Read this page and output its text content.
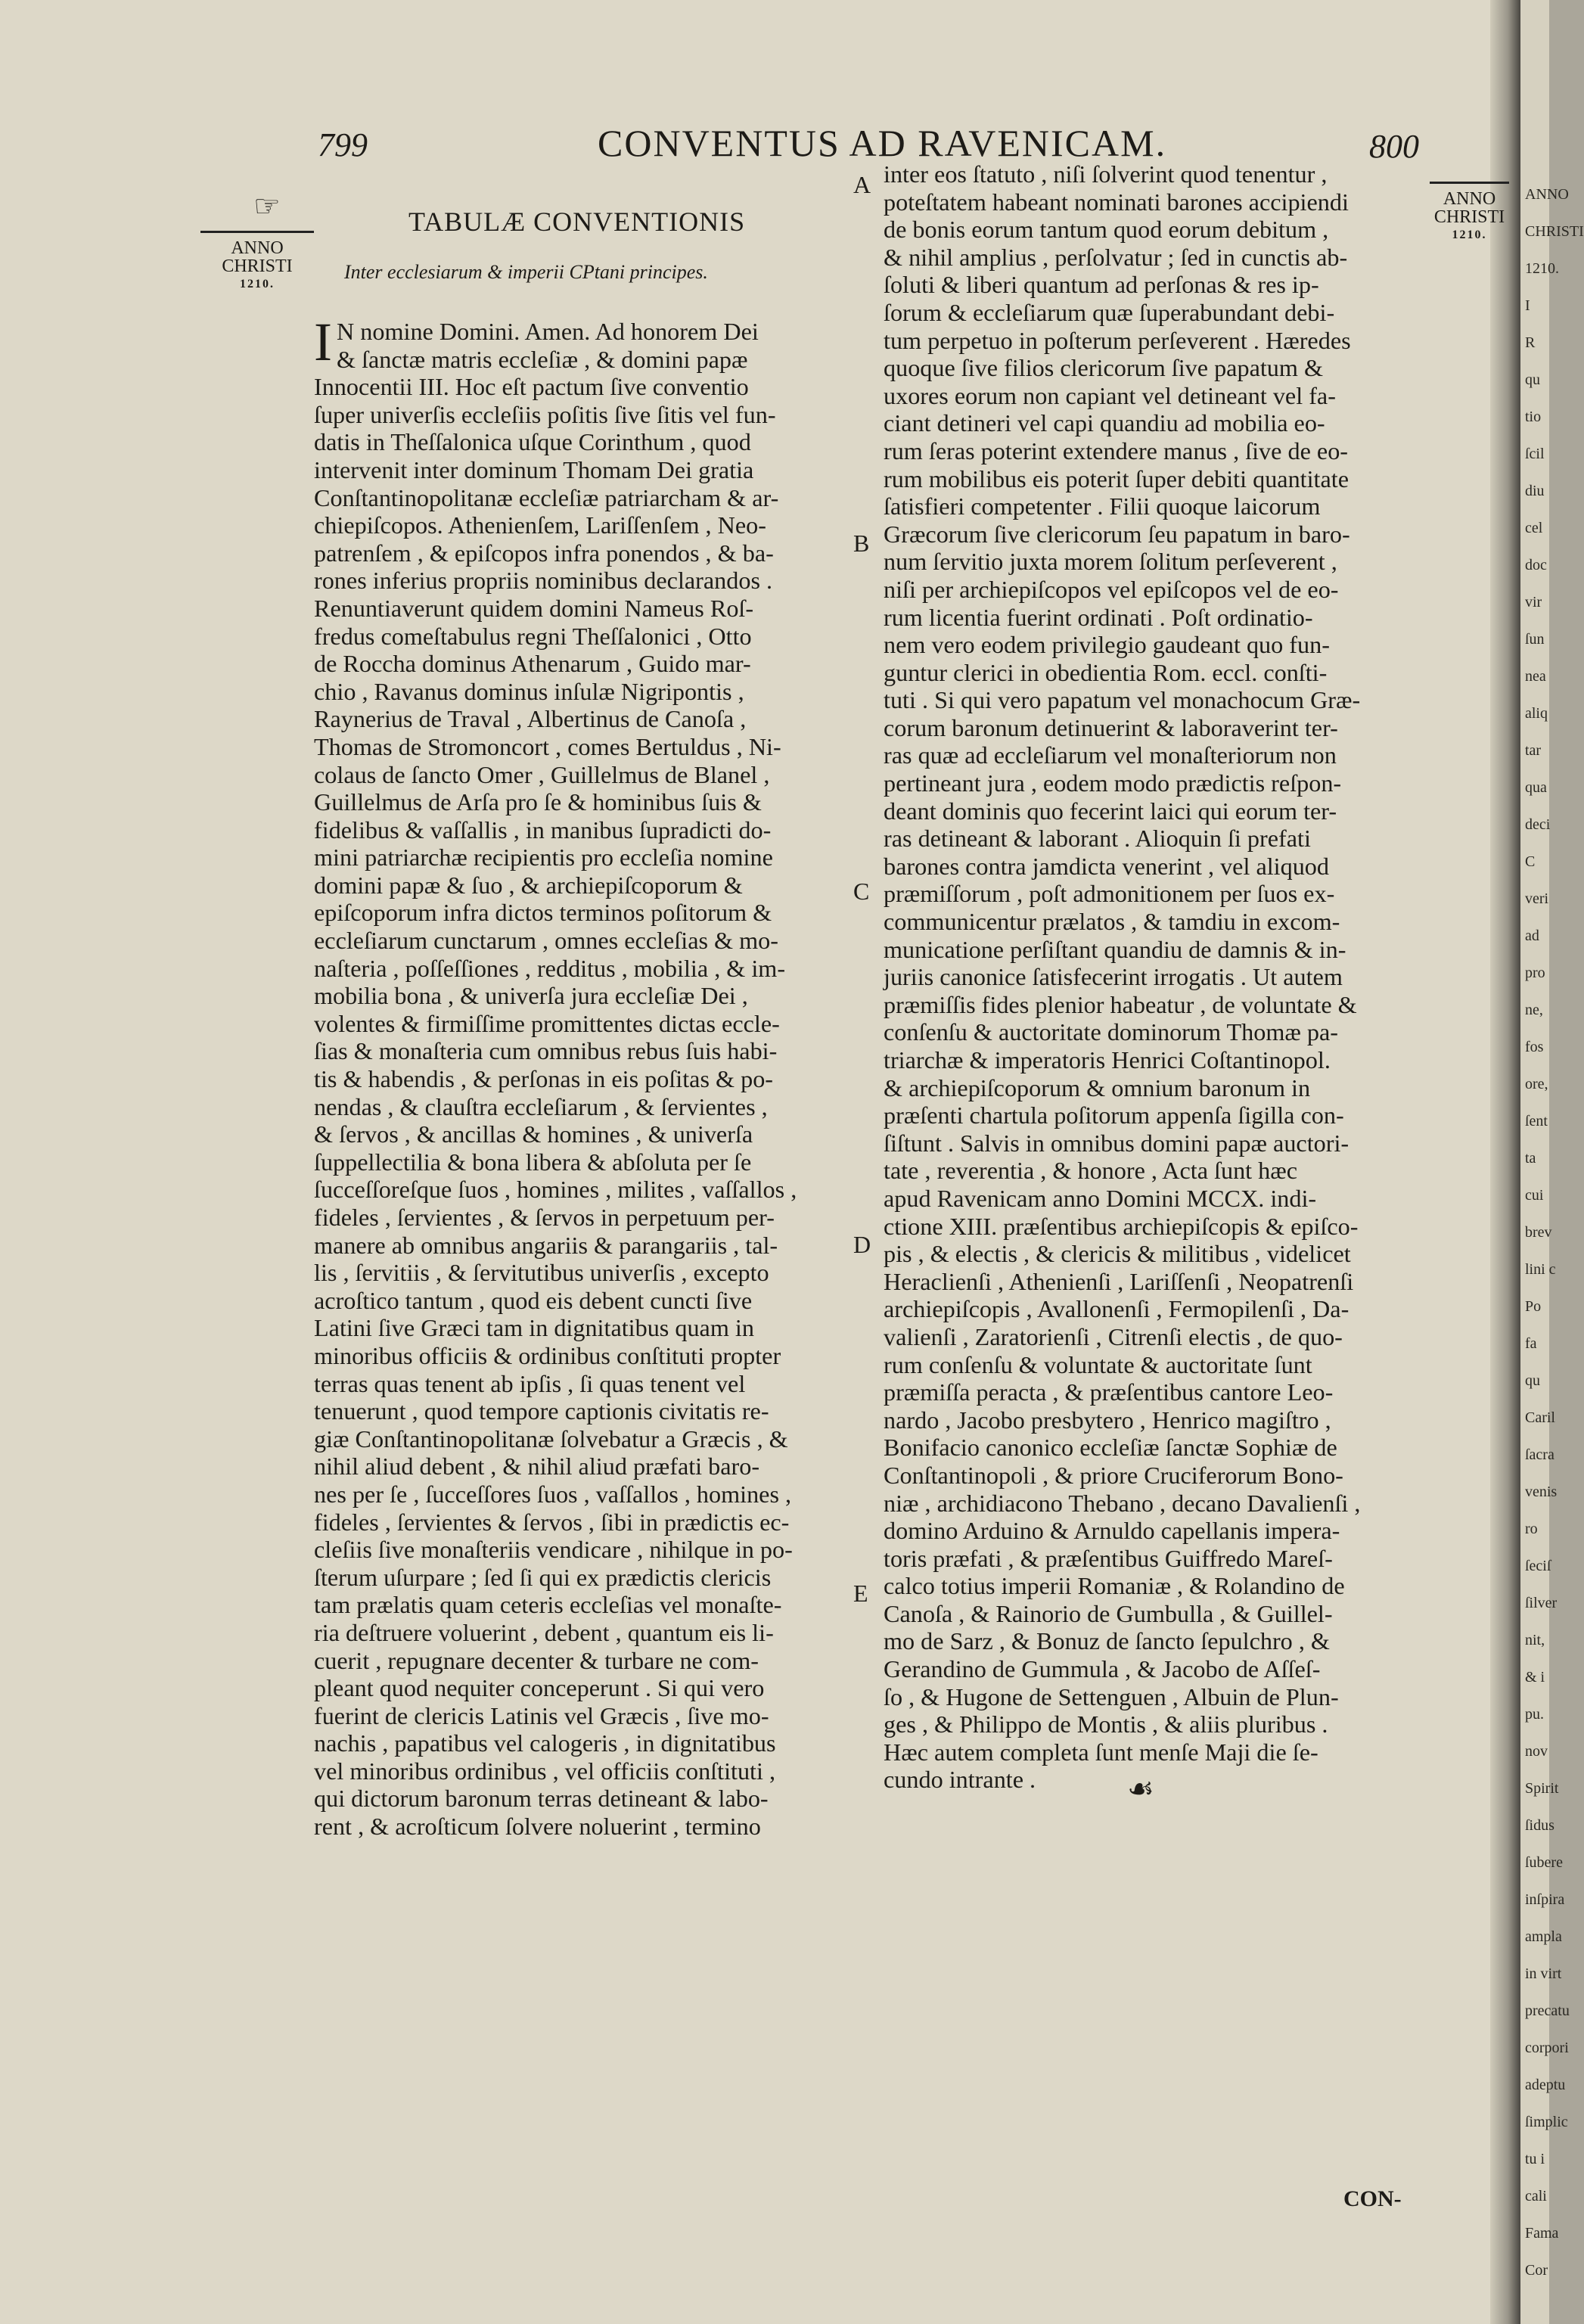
ANNO
CHRISTI
1210.
I
R
qu
tio
ſcil
diu
cel
doc
vir
ſun
nea
aliq
tar
qua
deci
C
veri
ad
pro
ne,
fos
ore,
ſent
ta
cui
brev
lini c
Po
fa
qu
Caril
ſacra
venis
ro
ſeciſ
ſilver
nit,
& i
pu.
nov
Spirit
ſidus
ſubere
inſpira
ampla
in virt
precatu
corpori
adeptu
ſimplic
tu i
cali
Fama
Cor
799	CONVENTUS AD RAVENICAM.	800
☞
ANNO
CHRISTI
1210.
ANNO
CHRISTI
1210.
TABULÆ CONVENTIONIS
Inter ecclesiarum & imperii CPtani principes.
IN nomine Domini. Amen. Ad honorem Dei
& ſanctæ matris eccleſiæ , & domini papæ
Innocentii III. Hoc eſt pactum ſive conventio
ſuper univerſis eccleſiis poſitis ſive ſitis vel fun-
datis in Theſſalonica uſque Corinthum , quod
intervenit inter dominum Thomam Dei gratia
Conſtantinopolitanæ eccleſiæ patriarcham & ar-
chiepiſcopos. Athenienſem, Lariſſenſem , Neo-
patrenſem , & epiſcopos infra ponendos , & ba-
rones inferius propriis nominibus declarandos .
Renuntiaverunt quidem domini Nameus Roſ-
fredus comeſtabulus regni Theſſalonici , Otto
de Roccha dominus Athenarum , Guido mar-
chio , Ravanus dominus inſulæ Nigripontis ,
Raynerius de Traval , Albertinus de Canoſa ,
Thomas de Stromoncort , comes Bertuldus , Ni-
colaus de ſancto Omer , Guillelmus de Blanel ,
Guillelmus de Arſa pro ſe & hominibus ſuis &
fidelibus & vaſſallis , in manibus ſupradicti do-
mini patriarchæ recipientis pro eccleſia nomine
domini papæ & ſuo , & archiepiſcoporum &
epiſcoporum infra dictos terminos poſitorum &
eccleſiarum cunctarum , omnes eccleſias & mo-
naſteria , poſſeſſiones , redditus , mobilia , & im-
mobilia bona , & univerſa jura eccleſiæ Dei ,
volentes & firmiſſime promittentes dictas eccle-
ſias & monaſteria cum omnibus rebus ſuis habi-
tis & habendis , & perſonas in eis poſitas & po-
nendas , & clauſtra eccleſiarum , & ſervientes ,
& ſervos , & ancillas & homines , & univerſa
ſuppellectilia & bona libera & abſoluta per ſe
ſucceſſoreſque ſuos , homines , milites , vaſſallos ,
fideles , ſervientes , & ſervos in perpetuum per-
manere ab omnibus angariis & parangariis , tal-
lis , ſervitiis , & ſervitutibus univerſis , excepto
acroſtico tantum , quod eis debent cuncti ſive
Latini ſive Græci tam in dignitatibus quam in
minoribus officiis & ordinibus conſtituti propter
terras quas tenent ab ipſis , ſi quas tenent vel
tenuerunt , quod tempore captionis civitatis re-
giæ Conſtantinopolitanæ ſolvebatur a Græcis , &
nihil aliud debent , & nihil aliud præfati baro-
nes per ſe , ſucceſſores ſuos , vaſſallos , homines ,
fideles , ſervientes & ſervos , ſibi in prædictis ec-
cleſiis ſive monaſteriis vendicare , nihilque in po-
ſterum uſurpare ; ſed ſi qui ex prædictis clericis
tam prælatis quam ceteris eccleſias vel monaſte-
ria deſtruere voluerint , debent , quantum eis li-
cuerit , repugnare decenter & turbare ne com-
pleant quod nequiter conceperunt . Si qui vero
fuerint de clericis Latinis vel Græcis , ſive mo-
nachis , papatibus vel calogeris , in dignitatibus
vel minoribus ordinibus , vel officiis conſtituti ,
qui dictorum baronum terras detineant & labo-
rent , & acroſticum ſolvere noluerint , termino
inter eos ſtatuto , niſi ſolverint quod tenentur ,
poteſtatem habeant nominati barones accipiendi
de bonis eorum tantum quod eorum debitum ,
& nihil amplius , perſolvatur ; ſed in cunctis ab-
ſoluti & liberi quantum ad perſonas & res ip-
ſorum & eccleſiarum quæ ſuperabundant debi-
tum perpetuo in poſterum perſeverent . Hæredes
quoque ſive filios clericorum ſive papatum &
uxores eorum non capiant vel detineant vel fa-
ciant detineri vel capi quandiu ad mobilia eo-
rum ſeras poterint extendere manus , ſive de eo-
rum mobilibus eis poterit ſuper debiti quantitate
ſatisfieri competenter . Filii quoque laicorum
Græcorum ſive clericorum ſeu papatum in baro-
num ſervitio juxta morem ſolitum perſeverent ,
niſi per archiepiſcopos vel epiſcopos vel de eo-
rum licentia fuerint ordinati . Poſt ordinatio-
nem vero eodem privilegio gaudeant quo fun-
guntur clerici in obedientia Rom. eccl. conſti-
tuti . Si qui vero papatum vel monachocum Græ-
corum baronum detinuerint & laboraverint ter-
ras quæ ad eccleſiarum vel monaſteriorum non
pertineant jura , eodem modo prædictis reſpon-
deant dominis quo fecerint laici qui eorum ter-
ras detineant & laborant . Alioquin ſi prefati
barones contra jamdicta venerint , vel aliquod
præmiſſorum , poſt admonitionem per ſuos ex-
communicentur prælatos , & tamdiu in excom-
municatione perſiſtant quandiu de damnis & in-
juriis canonice ſatisfecerint irrogatis . Ut autem
præmiſſis fides plenior habeatur , de voluntate &
conſenſu & auctoritate dominorum Thomæ pa-
triarchæ & imperatoris Henrici Coſtantinopol.
& archiepiſcoporum & omnium baronum in
præſenti chartula poſitorum appenſa ſigilla con-
ſiſtunt . Salvis in omnibus domini papæ auctori-
tate , reverentia , & honore , Acta ſunt hæc
apud Ravenicam anno Domini MCCX. indi-
ctione XIII. præſentibus archiepiſcopis & epiſco-
pis , & electis , & clericis & militibus , videlicet
Heraclienſi , Athenienſi , Lariſſenſi , Neopatrenſi
archiepiſcopis , Avallonenſi , Fermopilenſi , Da-
valienſi , Zaratorienſi , Citrenſi electis , de quo-
rum conſenſu & voluntate & auctoritate ſunt
præmiſſa peracta , & præſentibus cantore Leo-
nardo , Jacobo presbytero , Henrico magiſtro ,
Bonifacio canonico eccleſiæ ſanctæ Sophiæ de
Conſtantinopoli , & priore Cruciferorum Bono-
niæ , archidiacono Thebano , decano Davalienſi ,
domino Arduino & Arnuldo capellanis impera-
toris præfati , & præſentibus Guiffredo Mareſ-
calco totius imperii Romaniæ , & Rolandino de
Canoſa , & Rainorio de Gumbulla , & Guillel-
mo de Sarz , & Bonuz de ſancto ſepulchro , &
Gerandino de Gummula , & Jacobo de Aſſeſ-
ſo , & Hugone de Settenguen , Albuin de Plun-
ges , & Philippo de Montis , & aliis pluribus .
Hæc autem completa ſunt menſe Maji die ſe-
cundo intrante .
A
B
C
D
E
☙
CON-
